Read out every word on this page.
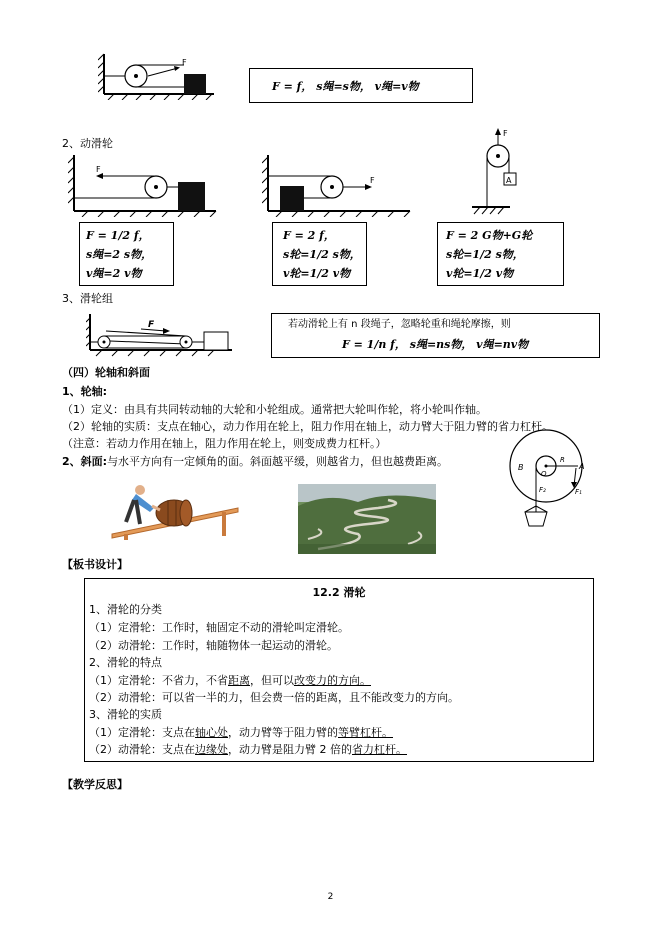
F
F = f， s绳=s物， v绳=v物
2、动滑轮
F
F
F
A
F = 1/2 f，
s绳=2 s物，
v绳=2 v物
F = 2 f，
s轮=1/2 s物，
v轮=1/2 v物
F = 2 G物+G轮
s轮=1/2 s物，
v轮=1/2 v物
3、滑轮组
F	若动滑轮上有 n 段绳子，忽略轮重和绳轮摩擦，则
F = 1/n f， s绳=ns物， v绳=nv物
（四）轮轴和斜面
1、轮轴:
（1）定义：由具有共同转动轴的大轮和小轮组成。通常把大轮叫作轮，将小轮叫作轴。
（2）轮轴的实质：支点在轴心，动力作用在轮上，阻力作用在轴上，动力臂大于阻力臂的省力杠杆。
（注意：若动力作用在轴上，阻力作用在轮上，则变成费力杠杆。）
2、斜面:与水平方向有一定倾角的面。斜面越平缓，则越省力，但也越费距离。	B
O
R
A
F₁
F₂
【板书设计】
12.2 滑轮
1、滑轮的分类
（1）定滑轮：工作时，轴固定不动的滑轮叫定滑轮。
（2）动滑轮：工作时，轴随物体一起运动的滑轮。
2、滑轮的特点
（1）定滑轮：不省力，不省距离，但可以改变力的方向。
（2）动滑轮：可以省一半的力，但会费一倍的距离，且不能改变力的方向。
3、滑轮的实质
（1）定滑轮：支点在轴心处，动力臂等于阻力臂的等臂杠杆。
（2）动滑轮：支点在边缘处，动力臂是阻力臂 2 倍的省力杠杆。
【教学反思】
2
